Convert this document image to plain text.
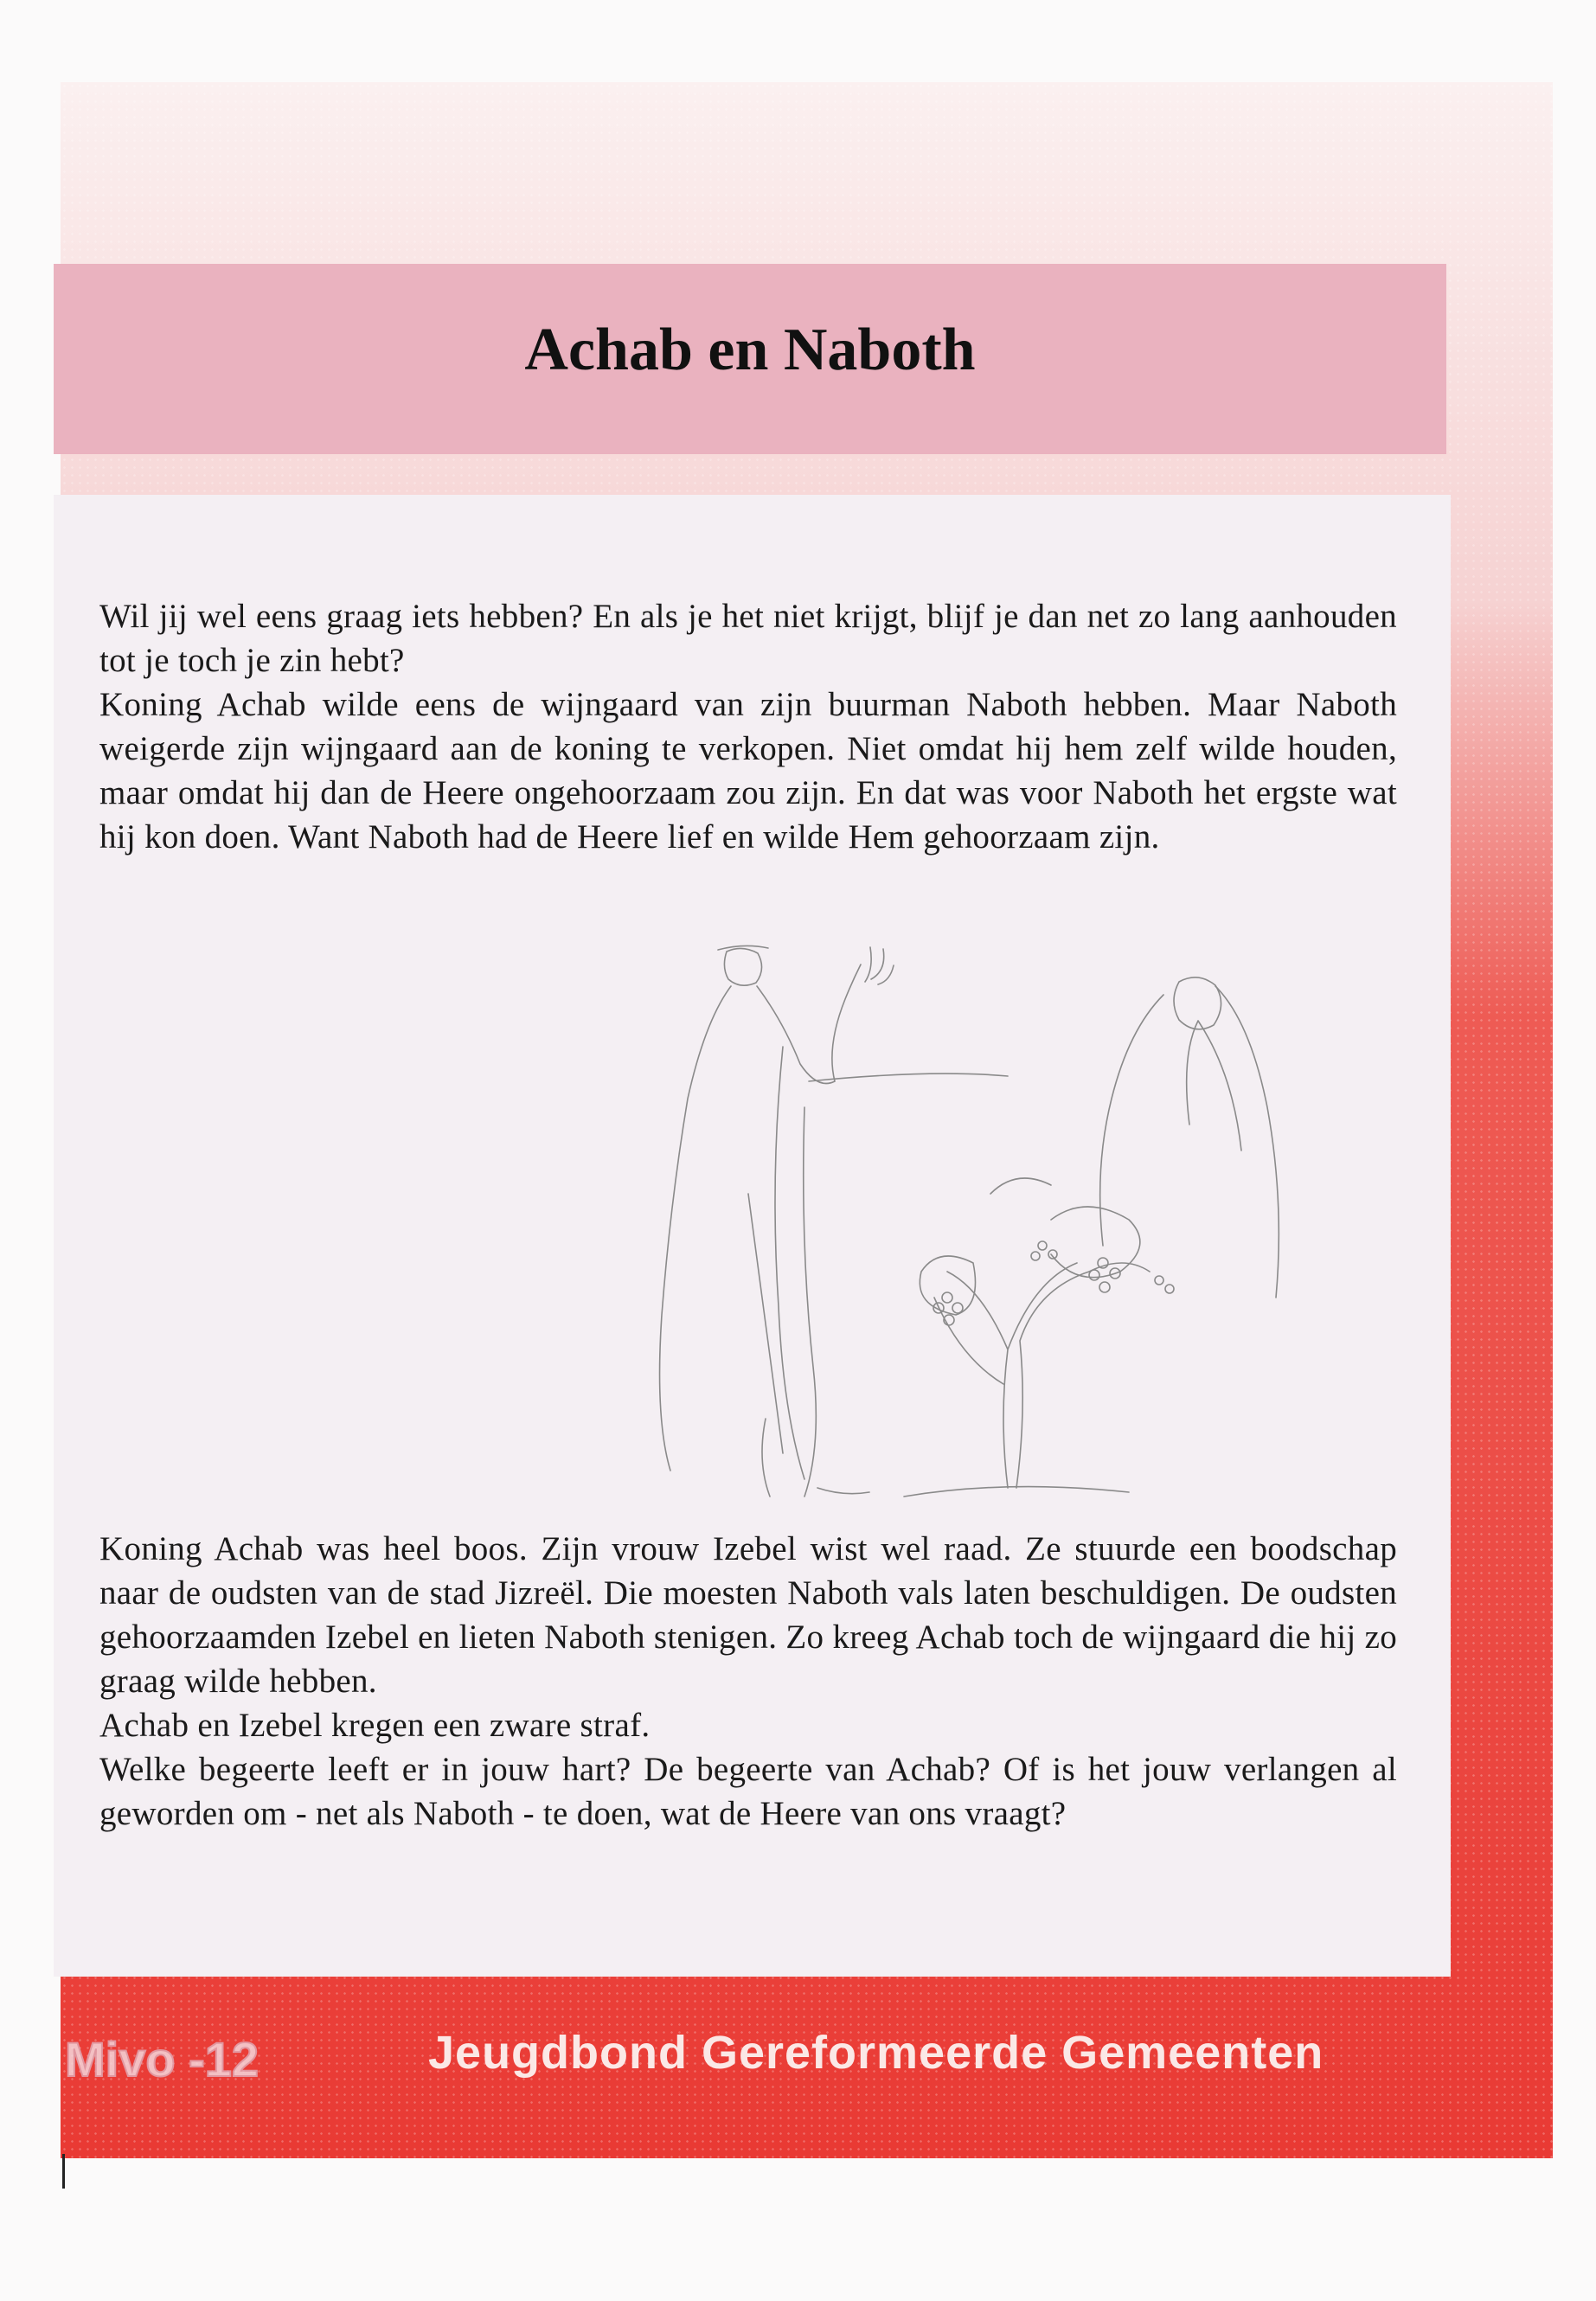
Achab en Naboth
Wil jij wel eens graag iets hebben? En als je het niet krijgt, blijf je dan net zo lang aanhouden tot je toch je zin hebt?
Koning Achab wilde eens de wijngaard van zijn buurman Naboth hebben. Maar Naboth weigerde zijn wijngaard aan de koning te verkopen. Niet omdat hij hem zelf wilde houden, maar omdat hij dan de Heere ongehoorzaam zou zijn. En dat was voor Naboth het ergste wat hij kon doen. Want Naboth had de Heere lief en wilde Hem gehoorzaam zijn.
Koning Achab was heel boos. Zijn vrouw Izebel wist wel raad. Ze stuurde een boodschap naar de oudsten van de stad Jizreël. Die moesten Naboth vals laten beschuldigen. De oudsten gehoorzaamden Izebel en lieten Naboth stenigen. Zo kreeg Achab toch de wijngaard die hij zo graag wilde hebben.
Achab en Izebel kregen een zware straf.
Welke begeerte leeft er in jouw hart? De begeerte van Achab? Of is het jouw verlangen al geworden om - net als Naboth - te doen, wat de Heere van ons vraagt?
Mivo -12	Jeugdbond Gereformeerde Gemeenten
